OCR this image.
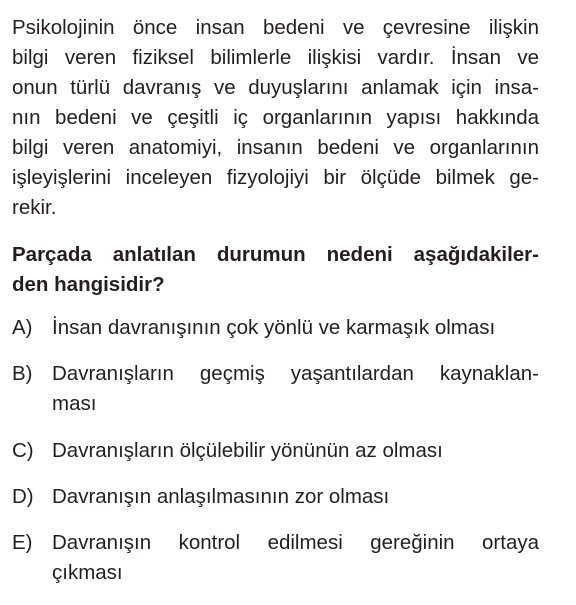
Psikolojinin önce insan bedeni ve çevresine ilişkin
bilgi veren fiziksel bilimlerle ilişkisi vardır. İnsan ve
onun türlü davranış ve duyuşlarını anlamak için insa-
nın bedeni ve çeşitli iç organlarının yapısı hakkında
bilgi veren anatomiyi, insanın bedeni ve organlarının
işleyişlerini inceleyen fizyolojiyi bir ölçüde bilmek ge-
rekir.
Parçada anlatılan durumun nedeni aşağıdakiler-
den hangisidir?
A) İnsan davranışının çok yönlü ve karmaşık olması
B) Davranışların geçmiş yaşantılardan kaynaklan-
ması
C) Davranışların ölçülebilir yönünün az olması
D) Davranışın anlaşılmasının zor olması
E) Davranışın kontrol edilmesi gereğinin ortaya
çıkması
